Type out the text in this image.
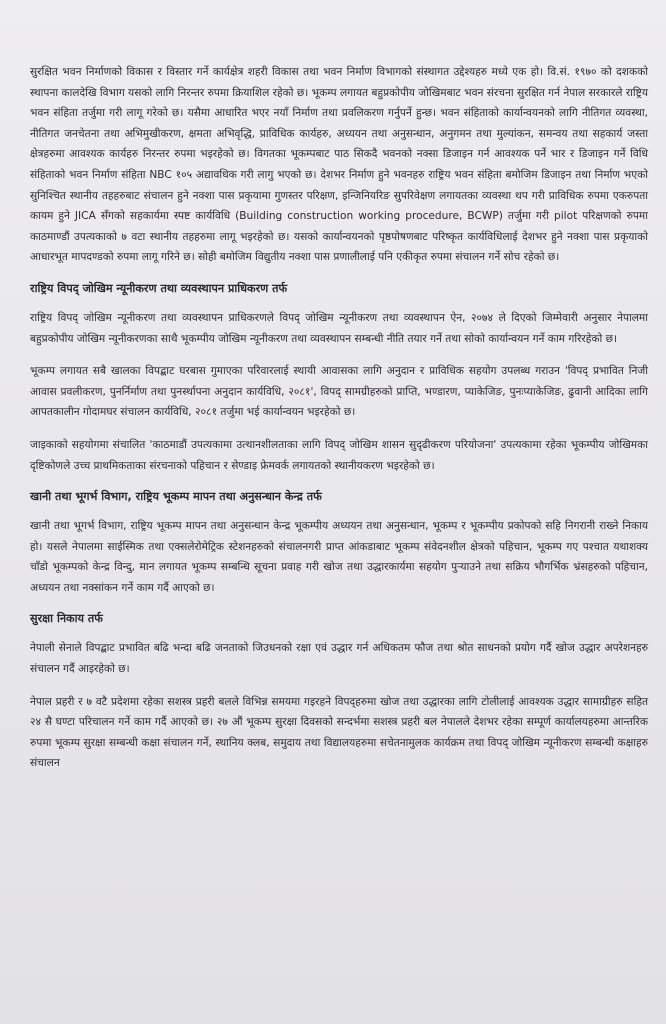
सुरक्षित भवन निर्माणको विकास र विस्तार गर्ने कार्यक्षेत्र शहरी विकास तथा भवन निर्माण विभागको संस्थागत उद्देश्यहरु मध्ये एक हो। वि.सं. १९७० को दशकको स्थापना कालदेखि विभाग यसको लागि निरन्तर रुपमा क्रियाशिल रहेको छ। भूकम्प लगायत बहुप्रकोपीय जोखिमबाट भवन संरचना सुरक्षित गर्न नेपाल सरकारले राष्ट्रिय भवन संहिता तर्जुमा गरी लागू गरेको छ। यसैमा आधारित भएर नयाँ निर्माण तथा प्रवलिकरण गर्नुपर्ने हुन्छ। भवन संहिताको कार्यान्वयनको लागि नीतिगत व्यवस्था, नीतिगत जनचेतना तथा अभिमुखीकरण, क्षमता अभिवृद्धि, प्राविधिक कार्यहरु, अध्ययन तथा अनुसन्धान, अनुगमन तथा मुल्यांकन, समन्वय तथा सहकार्य जस्ता क्षेत्रहरुमा आवश्यक कार्यहरु निरन्तर रुपमा भइरहेको छ। विगतका भूकम्पबाट पाठ सिकदै भवनको नक्सा डिजाइन गर्न आवश्यक पर्ने भार र डिजाइन गर्ने विधि संहिताको भवन निर्माण संहिता NBC १०५ अद्यावधिक गरी लागु भएको छ। देशभर निर्माण हुने भवनहरु राष्ट्रिय भवन संहिता बमोजिम डिजाइन तथा निर्माण भएको सुनिश्चित स्थानीय तहहरुबाट संचालन हुने नक्शा पास प्रकृयामा गुणस्तर परिक्षण, इन्जिनियरिङ सुपरिवेक्षण लगायतका व्यवस्था थप गरी प्राविधिक रुपमा एकरुपता कायम हुने JICA सँगको सहकार्यमा स्पष्ट कार्यविधि (Building construction working procedure, BCWP) तर्जुमा गरी pilot परिक्षणको रुपमा काठमाण्डौं उपत्यकाको ७ वटा स्थानीय तहहरुमा लागू भइरहेको छ। यसको कार्यान्वयनको पृष्ठपोषणबाट परिष्कृत कार्यविधिलाई देशभर हुने नक्शा पास प्रकृयाको आधारभूत मापदण्डको रुपमा लागू गरिने छ। सोही बमोजिम विद्युतीय नक्शा पास प्रणालीलाई पनि एकीकृत रुपमा संचालन गर्ने सोच रहेको छ।

राष्ट्रिय विपद् जोखिम न्यूनीकरण तथा व्यवस्थापन प्राधिकरण तर्फ

राष्ट्रिय विपद् जोखिम न्यूनीकरण तथा व्यवस्थापन प्राधिकरणले विपद् जोखिम न्यूनीकरण तथा व्यवस्थापन ऐन, २०७४ ले दिएको जिम्मेवारी अनुसार नेपालमा बहुप्रकोपीय जोखिम न्यूनीकरणका साथै भूकम्पीय जोखिम न्यूनीकरण तथा व्यवस्थापन सम्बन्धी नीति तयार गर्ने तथा सोको कार्यान्वयन गर्ने काम गरिरहेको छ।

भूकम्प लगायत सबै खालका विपद्बाट घरबास गुमाएका परिवारलाई स्थायी आवासका लागि अनुदान र प्राविधिक सहयोग उपलब्ध गराउन 'विपद् प्रभावित निजी आवास प्रवलीकरण, पुनर्निर्माण तथा पुनर्स्थापना अनुदान कार्यविधि, २०८१', विपद् सामग्रीहरुको प्राप्ति, भण्डारण, प्याकेजिङ, पुनःप्याकेजिङ, ढुवानी आदिका लागि आपतकालीन गोदामघर संचालन कार्यविधि, २०८१ तर्जुमा भई कार्यान्वयन भइरहेको छ।

जाइकाको सहयोगमा संचालित 'काठमाडौं उपत्यकामा उत्थानशीलताका लागि विपद् जोखिम शासन सुदृढीकरण परियोजना' उपत्यकामा रहेका भूकम्पीय जोखिमका दृष्टिकोणले उच्च प्राथमिकताका संरचनाको पहिचान र सेण्डाइ फ्रेमवर्क लगायतको स्थानीयकरण भइरहेको छ।

खानी तथा भूगर्भ विभाग, राष्ट्रिय भूकम्प मापन तथा अनुसन्धान केन्द्र तर्फ

खानी तथा भूगर्भ विभाग, राष्ट्रिय भूकम्प मापन तथा अनुसन्धान केन्द्र भूकम्पीय अध्ययन तथा अनुसन्धान, भूकम्प र भूकम्पीय प्रकोपको सहि निगरानी राख्ने निकाय हो। यसले नेपालमा साईस्मिक तथा एक्सलेरोमेट्रिक स्टेशनहरुको संचालनगरी प्राप्त आंकडाबाट भूकम्प संवेदनशील क्षेत्रको पहिचान, भूकम्प गए पश्चात यथाशक्य चाँडो भूकम्पको केन्द्र विन्दु, मान लगायत भूकम्प सम्बन्धि सूचना प्रवाह गरी खोज तथा उद्धारकार्यमा सहयोग पुऱ्याउने तथा सक्रिय भौगर्भिक भ्रंसहरुको पहिचान, अध्ययन तथा नक्सांकन गर्ने काम गर्दै आएको छ।

सुरक्षा निकाय तर्फ

नेपाली सेनाले विपद्बाट प्रभावित बढि भन्दा बढि जनताको जिउधनको रक्षा एवं उद्धार गर्न अधिकतम फौज तथा श्रोत साधनको प्रयोग गर्दै खोज उद्धार अपरेशनहरु संचालन गर्दै आइरहेको छ।

नेपाल प्रहरी र ७ वटै प्रदेशमा रहेका सशस्त्र प्रहरी बलले विभिन्न समयमा गइरहने विपद्हरुमा खोज तथा उद्धारका लागि टोलीलाई आवश्यक उद्धार सामाग्रीहरु सहित २४ सै घण्टा परिचालन गर्ने काम गर्दै आएको छ। २७ औं भूकम्प सुरक्षा दिवसको सन्दर्भमा सशस्त्र प्रहरी बल नेपालले देशभर रहेका सम्पूर्ण कार्यालयहरुमा आन्तरिक रुपमा भूकम्प सुरक्षा सम्बन्धी कक्षा संचालन गर्ने, स्थानिय क्लब, समुदाय तथा विद्यालयहरुमा सचेतनामुलक कार्यक्रम तथा विपद् जोखिम न्यूनीकरण सम्बन्धी कक्षाहरु संचालन
